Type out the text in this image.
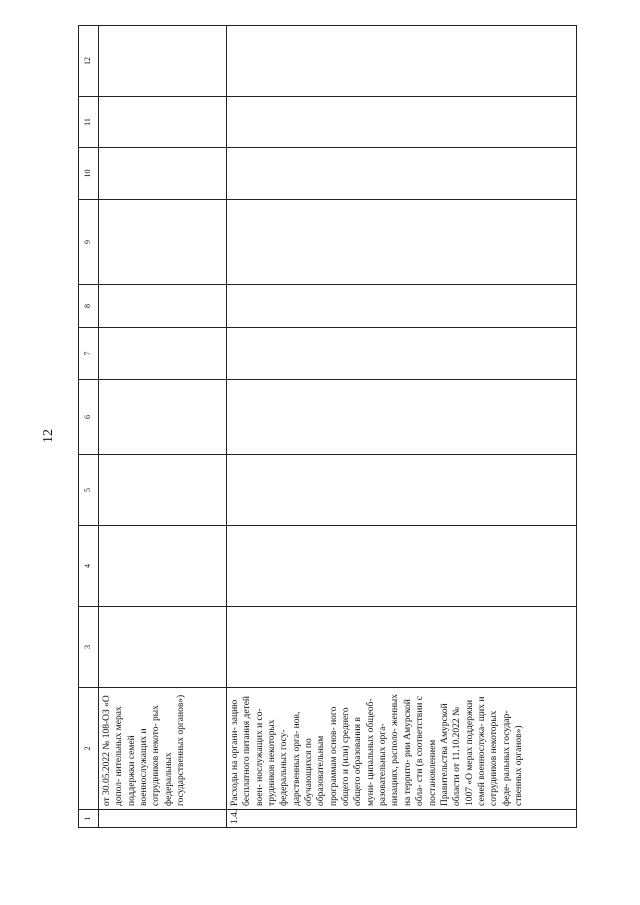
12
1	2	3	4	5	6	7	8	9	10	11	12
	от 30.05.2022 № 108-ОЗ «О допол- нительных мерах поддержки семей военнослужащих и сотрудников некото- рых федеральных государственных органов»)										
1.4.	Расходы на органи- зацию бесплатного питания детей воен- нослужащих и со- трудников некоторых федеральных госу- дарственных орга- нов, обучающихся по образовательным программам основ- ного общего и (или) среднего общего образования в муни- ципальных общеоб- разовательных орга- низациях, располо- женных на террито- рии Амурской обла- сти (в соответствии с постановлением Правительства Амурской области от 11.10.2022 № 1007 «О мерах поддержки семей военнослужа- щих и сотрудников некоторых феде- ральных государ- ственных органов»)										
